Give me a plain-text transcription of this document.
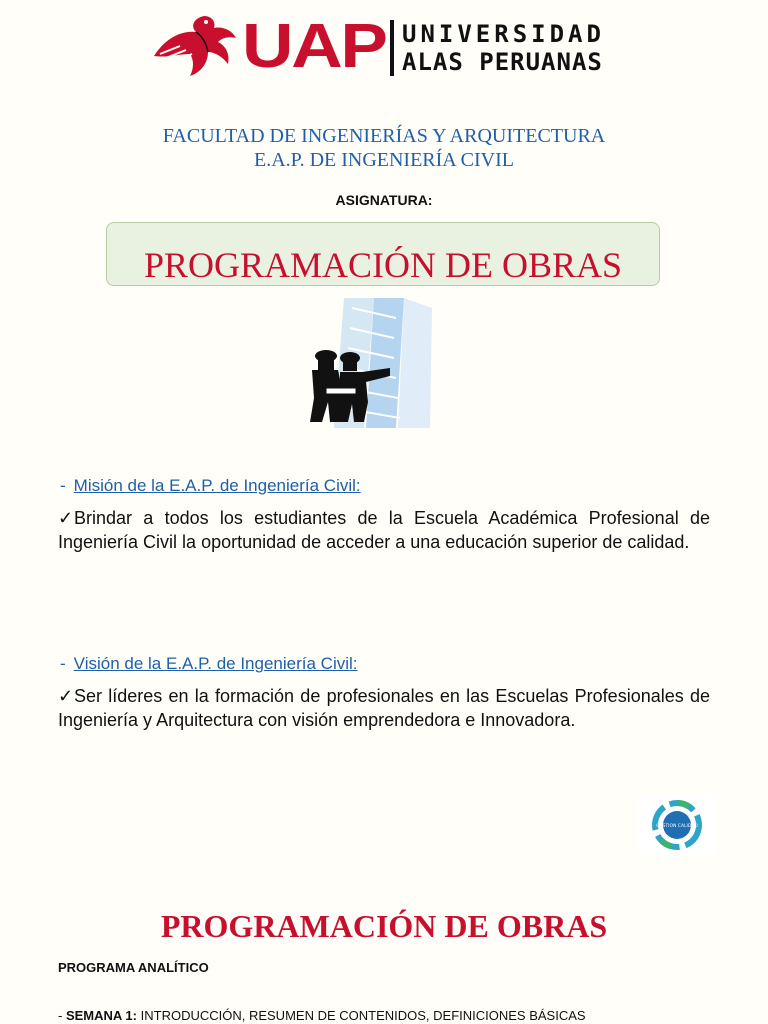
UAP UNIVERSIDAD
ALAS PERUANAS
FACULTAD DE INGENIERÍAS Y ARQUITECTURA
E.A.P. DE INGENIERÍA CIVIL
ASIGNATURA:
PROGRAMACIÓN DE OBRAS
- Misión de la E.A.P. de Ingeniería Civil:
✓Brindar a todos los estudiantes de la Escuela Académica Profesional de Ingeniería Civil la oportunidad de acceder a una educación superior de calidad.
- Visión de la E.A.P. de Ingeniería Civil:
✓Ser líderes en la formación de profesionales en las Escuelas Profesionales de Ingeniería y Arquitectura con visión emprendedora e Innovadora.
GESTION CALIDAD
PROGRAMACIÓN DE OBRAS
PROGRAMA ANALÍTICO
- SEMANA 1: INTRODUCCIÓN, RESUMEN DE CONTENIDOS, DEFINICIONES BÁSICAS
